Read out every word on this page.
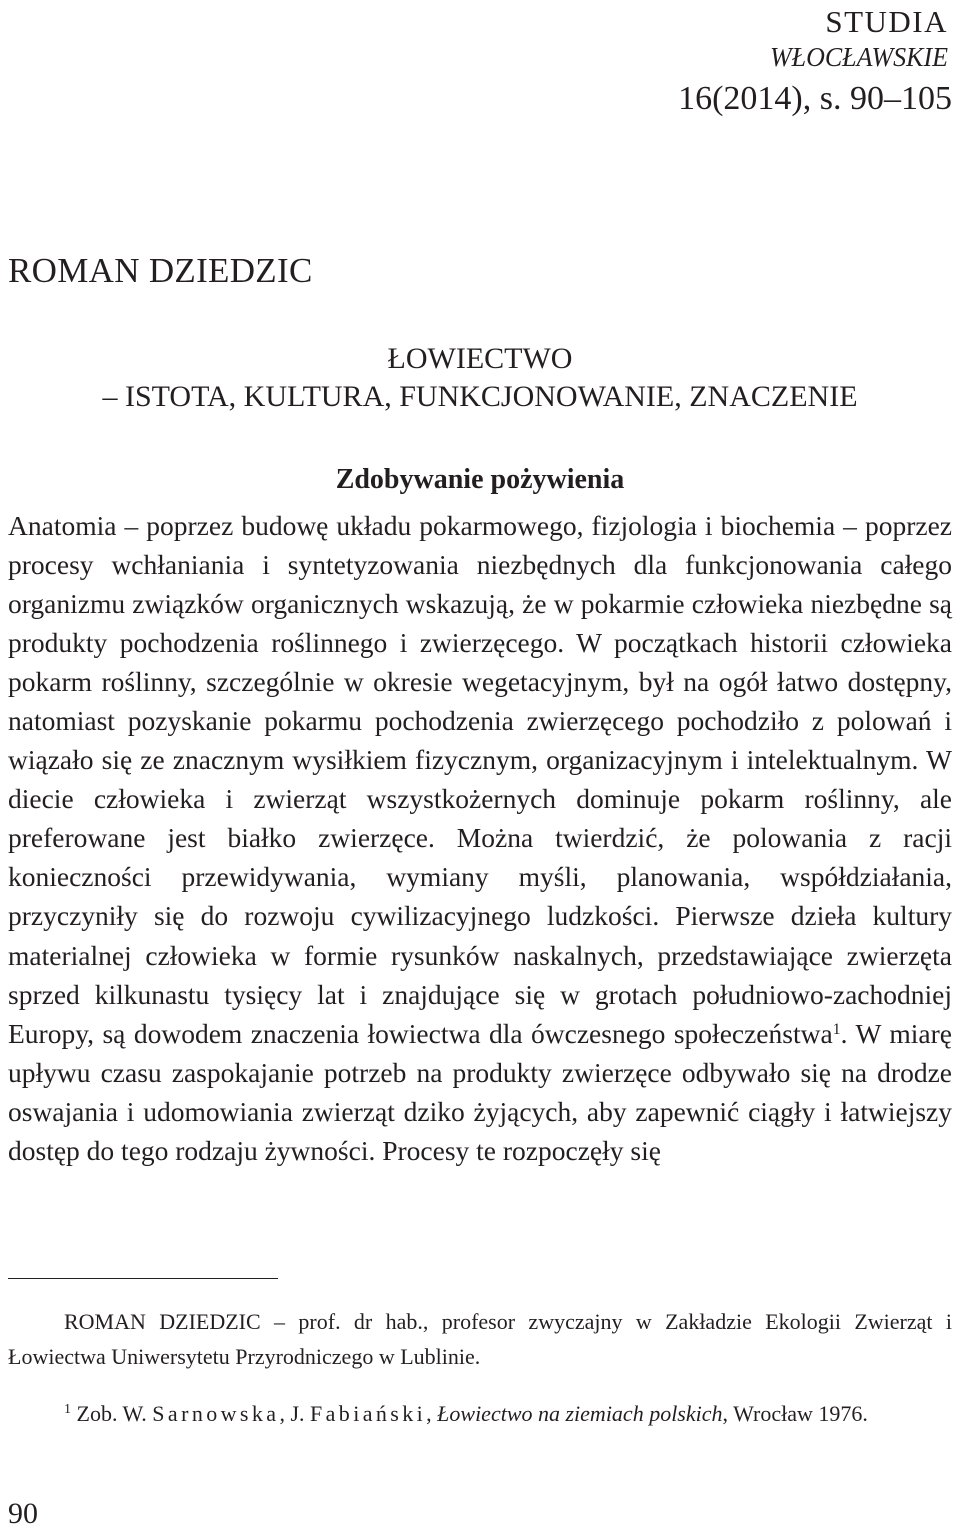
STUDIA
WŁOCŁAWSKIE
16(2014), s. 90–105
ROMAN DZIEDZIC
ŁOWIECTWO
– ISTOTA, KULTURA, FUNKCJONOWANIE, ZNACZENIE
Zdobywanie pożywienia

Anatomia – poprzez budowę układu pokarmowego, fizjologia i biochemia – poprzez procesy wchłaniania i syntetyzowania niezbędnych dla funkcjonowania całego organizmu związków organicznych wskazują, że w pokarmie człowieka niezbędne są produkty pochodzenia roślinnego i zwierzęcego. W początkach historii człowieka pokarm roślinny, szczególnie w okresie wegetacyjnym, był na ogół łatwo dostępny, natomiast pozyskanie pokarmu pochodzenia zwierzęcego pochodziło z polowań i wiązało się ze znacznym wysiłkiem fizycznym, organizacyjnym i intelektualnym. W diecie człowieka i zwierząt wszystkożernych dominuje pokarm roślinny, ale preferowane jest białko zwierzęce. Można twierdzić, że polowania z racji konieczności przewidywania, wymiany myśli, planowania, współdziałania, przyczyniły się do rozwoju cywilizacyjnego ludzkości. Pierwsze dzieła kultury materialnej człowieka w formie rysunków naskalnych, przedstawiające zwierzęta sprzed kilkunastu tysięcy lat i znajdujące się w grotach południowo-zachodniej Europy, są dowodem znaczenia łowiectwa dla ówczesnego społeczeństwa$^1$. W miarę upływu czasu zaspokajanie potrzeb na produkty zwierzęce odbywało się na drodze oswajania i udomowiania zwierząt dziko żyjących, aby zapewnić ciągły i łatwiejszy dostęp do tego rodzaju żywności. Procesy te rozpoczęły się

ROMAN DZIEDZIC – prof. dr hab., profesor zwyczajny w Zakładzie Ekologii Zwierząt i Łowiectwa Uniwersytetu Przyrodniczego w Lublinie.

$^1$ Zob. W. Sarnowska, J. Fabiański, Łowiectwo na ziemiach polskich, Wrocław 1976.

90
